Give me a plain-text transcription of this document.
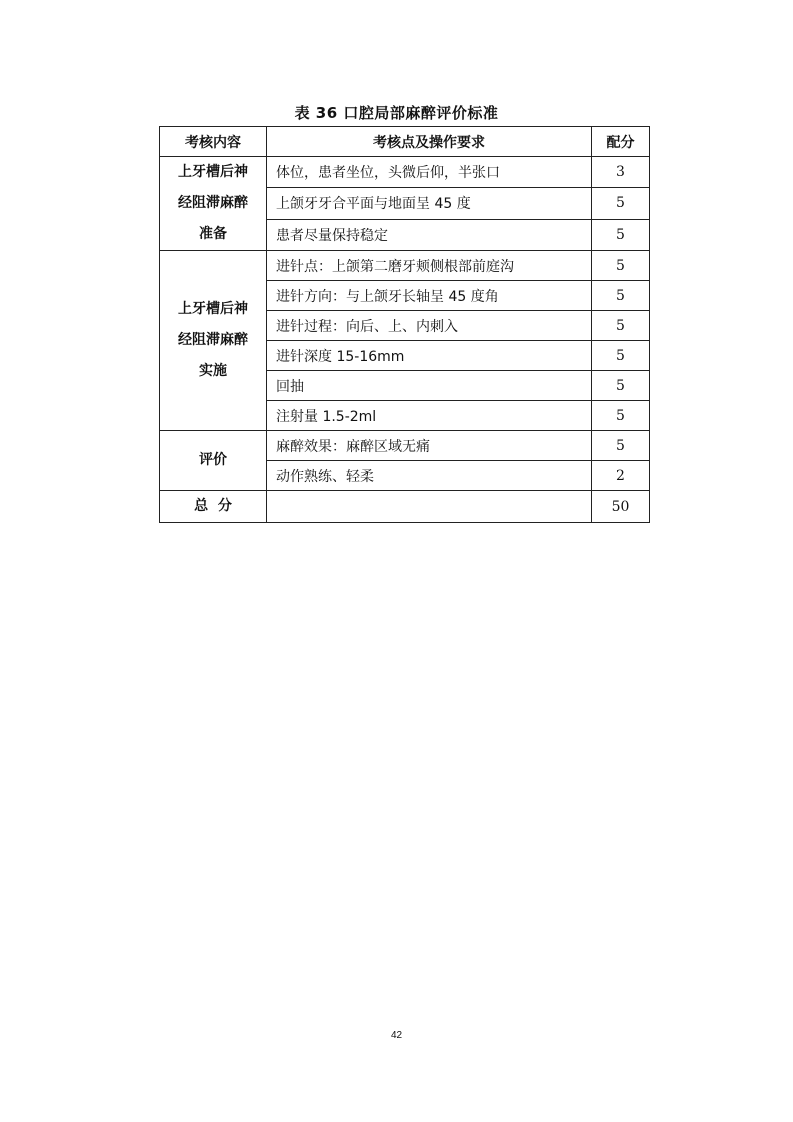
表 36 口腔局部麻醉评价标准
考核内容	考核点及操作要求	配分

上牙槽后神
经阻滞麻醉
准备	体位，患者坐位，头微后仰，半张口	3
	上颌牙牙合平面与地面呈 45 度	5
	患者尽量保持稳定	5

上牙槽后神
经阻滞麻醉
实施	进针点：上颌第二磨牙颊侧根部前庭沟	5
	进针方向：与上颌牙长轴呈 45 度角	5
	进针过程：向后、上、内刺入	5
	进针深度 15-16mm	5
	回抽	5
	注射量 1.5-2ml	5

评价	麻醉效果：麻醉区域无痛	5
	动作熟练、轻柔	2
总  分		50
42
